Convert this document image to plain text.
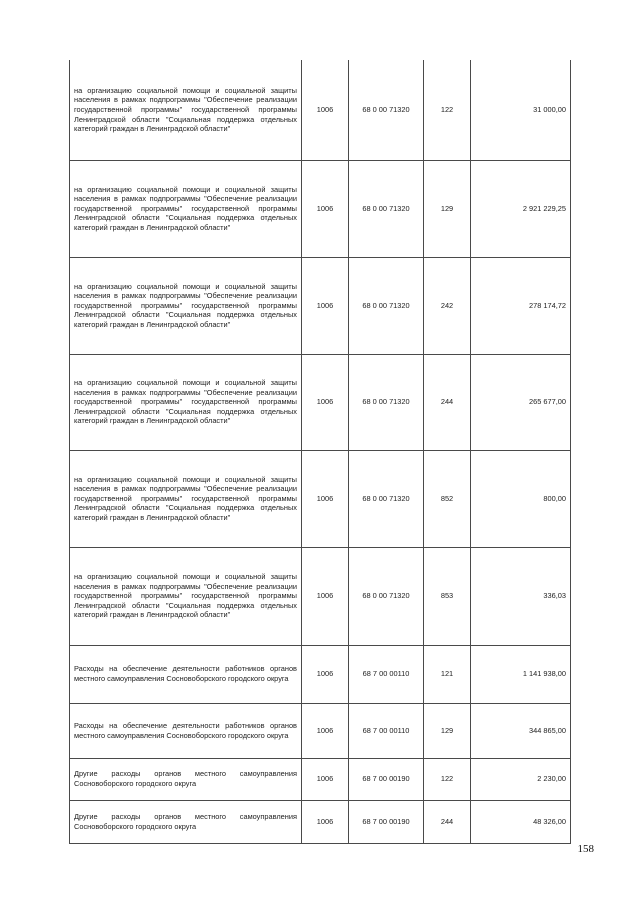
на организацию социальной помощи и социальной защиты населения в рамках подпрограммы "Обеспечение реализации государственной программы" государственной программы Ленинградской области "Социальная поддержка отдельных категорий граждан в Ленинградской области"	1006	68 0 00 71320	122	31 000,00
на организацию социальной помощи и социальной защиты населения в рамках подпрограммы "Обеспечение реализации государственной программы" государственной программы Ленинградской области "Социальная поддержка отдельных категорий граждан в Ленинградской области"	1006	68 0 00 71320	129	2 921 229,25
на организацию социальной помощи и социальной защиты населения в рамках подпрограммы "Обеспечение реализации государственной программы" государственной программы Ленинградской области "Социальная поддержка отдельных категорий граждан в Ленинградской области"	1006	68 0 00 71320	242	278 174,72
на организацию социальной помощи и социальной защиты населения в рамках подпрограммы "Обеспечение реализации государственной программы" государственной программы Ленинградской области "Социальная поддержка отдельных категорий граждан в Ленинградской области"	1006	68 0 00 71320	244	265 677,00
на организацию социальной помощи и социальной защиты населения в рамках подпрограммы "Обеспечение реализации государственной программы" государственной программы Ленинградской области "Социальная поддержка отдельных категорий граждан в Ленинградской области"	1006	68 0 00 71320	852	800,00
на организацию социальной помощи и социальной защиты населения в рамках подпрограммы "Обеспечение реализации государственной программы" государственной программы Ленинградской области "Социальная поддержка отдельных категорий граждан в Ленинградской области"	1006	68 0 00 71320	853	336,03
Расходы на обеспечение деятельности работников органов местного самоуправления Сосновоборского городского округа	1006	68 7 00 00110	121	1 141 938,00
Расходы на обеспечение деятельности работников органов местного самоуправления Сосновоборского городского округа	1006	68 7 00 00110	129	344 865,00
Другие расходы органов местного самоуправления Сосновоборского городского округа	1006	68 7 00 00190	122	2 230,00
Другие расходы органов местного самоуправления Сосновоборского городского округа	1006	68 7 00 00190	244	48 326,00
158
